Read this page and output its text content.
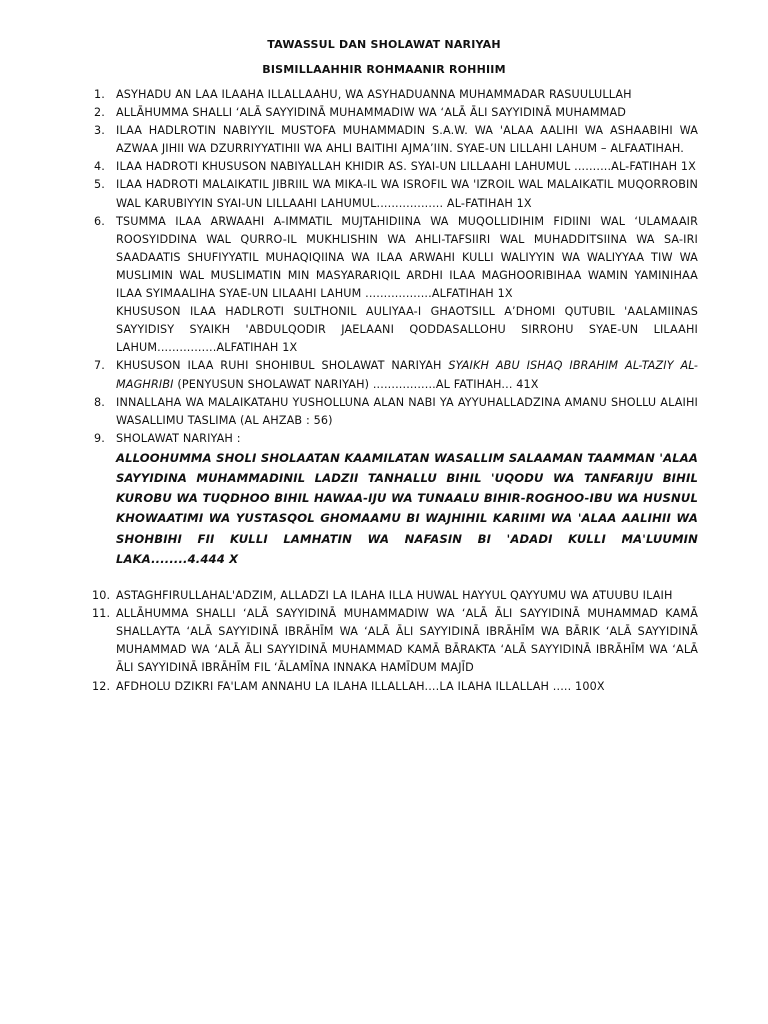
TAWASSUL DAN SHOLAWAT NARIYAH
BISMILLAAHHIR ROHMAANIR ROHHIIM
1. ASYHADU AN LAA ILAAHA ILLALLAAHU, WA ASYHADUANNA MUHAMMADAR RASUULULLAH
2. ALLĀHUMMA SHALLI ‘ALĀ SAYYIDINĀ MUHAMMADIW WA ‘ALĀ ĀLI SAYYIDINĀ MUHAMMAD
3. ILAA HADLROTIN NABIYYIL MUSTOFA MUHAMMADIN S.A.W. WA 'ALAA AALIHI WA ASHAABIHI WA AZWAA JIHII WA DZURRIYYATIHII WA AHLI BAITIHI AJMA’IIN. SYAE-UN LILLAHI LAHUM – ALFAATIHAH.
4. ILAA HADROTI KHUSUSON NABIYALLAH KHIDIR AS. SYAI-UN LILLAAHI LAHUMUL ..........AL-FATIHAH 1X
5. ILAA HADROTI MALAIKATIL JIBRIIL WA MIKA-IL WA ISROFIL WA 'IZROIL WAL MALAIKATIL MUQORROBIN WAL KARUBIYYIN SYAI-UN LILLAAHI LAHUMUL.................. AL-FATIHAH 1X
6. TSUMMA ILAA ARWAAHI A-IMMATIL MUJTAHIDIINA WA MUQOLLIDIHIM FIDIINI WAL ‘ULAMAAIR ROOSYIDDINA WAL QURRO-IL MUKHLISHIN WA AHLI-TAFSIIRI WAL MUHADDITSIINA WA SA-IRI SAADAATIS SHUFIYYATIL MUHAQIQIINA WA ILAA ARWAHI KULLI WALIYYIN WA WALIYYAA TIW WA MUSLIMIN WAL MUSLIMATIN MIN MASYARARIQIL ARDHI ILAA MAGHOORIBIHAA WAMIN YAMINIHAA ILAA SYIMAALIHA SYAE-UN LILAAHI LAHUM ..................ALFATIHAH 1X
KHUSUSON ILAA HADLROTI SULTHONIL AULIYAA-I GHAOTSILL A’DHOMI QUTUBIL 'AALAMIINAS SAYYIDISY SYAIKH 'ABDULQODIR JAELAANI QODDASALLOHU SIRROHU SYAE-UN LILAAHI LAHUM................ALFATIHAH 1X
7. KHUSUSON ILAA RUHI SHOHIBUL SHOLAWAT NARIYAH SYAIKH ABU ISHAQ IBRAHIM AL-TAZIY AL-MAGHRIBI (PENYUSUN SHOLAWAT NARIYAH) .................AL FATIHAH... 41X
8. INNALLAHA WA MALAIKATAHU YUSHOLLUNA ALAN NABI YA AYYUHALLADZINA AMANU SHOLLU ALAIHI WASALLIMU TASLIMA (AL AHZAB : 56)
9. SHOLAWAT NARIYAH :
ALLOOHUMMA SHOLI SHOLAATAN KAAMILATAN WASALLIM SALAAMAN TAAMMAN 'ALAA SAYYIDINA MUHAMMADINIL LADZII TANHALLU BIHIL 'UQODU WA TANFARIJU BIHIL KUROBU WA TUQDHOO BIHIL HAWAA-IJU WA TUNAALU BIHIR-ROGHOO-IBU WA HUSNUL KHOWAATIMI WA YUSTASQOL GHOMAAMU BI WAJHIHIL KARIIMI WA 'ALAA AALIHII WA SHOHBIHI FII KULLI LAMHATIN WA NAFASIN BI 'ADADI KULLI MA'LUUMIN LAKA........4.444 X
10. ASTAGHFIRULLAHAL'ADZIM, ALLADZI LA ILAHA ILLA HUWAL HAYYUL QAYYUMU WA ATUUBU ILAIH
11. ALLĀHUMMA SHALLI ‘ALĀ SAYYIDINĀ MUHAMMADIW WA ‘ALĀ ĀLI SAYYIDINĀ MUHAMMAD KAMĀ SHALLAYTA ‘ALĀ SAYYIDINĀ IBRĀHĪM WA ‘ALĀ ĀLI SAYYIDINĀ IBRĀHĪM WA BĀRIK ‘ALĀ SAYYIDINĀ MUHAMMAD WA ‘ALĀ ĀLI SAYYIDINĀ MUHAMMAD KAMĀ BĀRAKTA ‘ALĀ SAYYIDINĀ IBRĀHĪM WA ‘ALĀ ĀLI SAYYIDINĀ IBRĀHĪM FIL ‘ĀLAMĪNA INNAKA HAMĪDUM MAJĪD
12. AFDHOLU DZIKRI FA'LAM ANNAHU LA ILAHA ILLALLAH....LA ILAHA ILLALLAH ..... 100X
